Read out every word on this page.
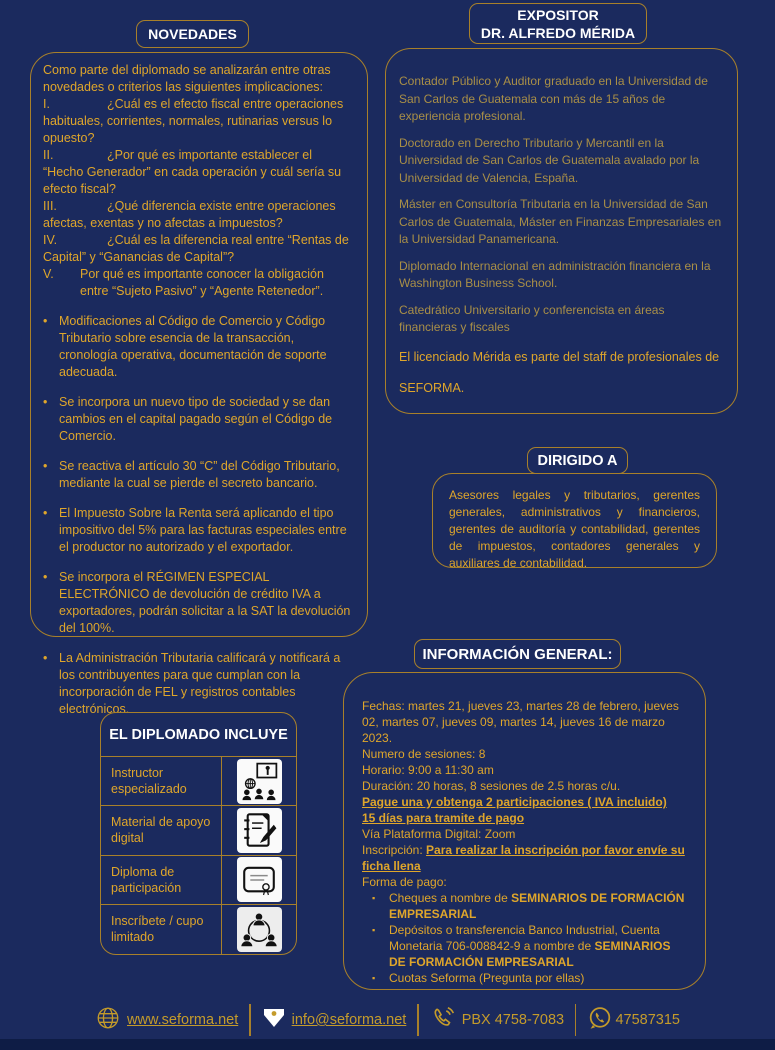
NOVEDADES
Como parte del diplomado se analizarán entre otras novedades o criterios las siguientes implicaciones:
I.	¿Cuál es el efecto fiscal entre operaciones habituales, corrientes, normales, rutinarias versus lo opuesto?
II.	¿Por qué es importante establecer el “Hecho Generador” en cada operación y cuál sería su efecto fiscal?
III.	¿Qué diferencia existe entre operaciones afectas, exentas y no afectas a impuestos?
IV.	¿Cuál es la diferencia real entre “Rentas de Capital” y “Ganancias de Capital”?
V. Por qué es importante conocer la obligación entre “Sujeto Pasivo” y “Agente Retenedor”.
• Modificaciones al Código de Comercio y Código Tributario sobre esencia de la transacción, cronología operativa, documentación de soporte adecuada.
• Se incorpora un nuevo tipo de sociedad y se dan cambios en el capital pagado según el Código de Comercio.
• Se reactiva el artículo 30 “C” del Código Tributario, mediante la cual se pierde el secreto bancario.
• El Impuesto Sobre la Renta será aplicando el tipo impositivo del 5% para las facturas especiales entre el productor no autorizado y el exportador.
• Se incorpora el RÉGIMEN ESPECIAL ELECTRÓNICO de devolución de crédito IVA a exportadores, podrán solicitar a la SAT la devolución del 100%.
• La Administración Tributaria calificará y notificará a los contribuyentes para que cumplan con la incorporación de FEL y registros contables electrónicos.
EXPOSITOR
DR. ALFREDO MÉRIDA

Contador Público y Auditor graduado en la Universidad de San Carlos de Guatemala con más de 15 años de experiencia profesional.

Doctorado en Derecho Tributario y Mercantil en la Universidad de San Carlos de Guatemala avalado por la Universidad de Valencia, España.

Máster en Consultoría Tributaria en la Universidad de San Carlos de Guatemala, Máster en Finanzas Empresariales en la Universidad Panamericana.

Diplomado Internacional en administración financiera en la Washington Business School.

Catedrático Universitario y conferencista en áreas financieras y fiscales

El licenciado Mérida es parte del staff de profesionales de
SEFORMA.
DIRIGIDO A
Asesores legales y tributarios, gerentes generales, administrativos y financieros, gerentes de auditoría y contabilidad, gerentes de impuestos, contadores generales y auxiliares de contabilidad.
INFORMACIÓN GENERAL:
Fechas: martes 21, jueves 23, martes 28 de febrero, jueves 02, martes 07, jueves 09, martes 14, jueves 16 de marzo 2023.
Numero de sesiones: 8
Horario: 9:00 a 11:30 am
Duración: 20 horas, 8 sesiones de 2.5 horas c/u.
Pague una y obtenga 2 participaciones ( IVA incluido)
15 días para tramite de pago
Vía Plataforma Digital: Zoom
Inscripción: Para realizar la inscripción por favor envíe su ficha llena
Forma de pago:
▪	Cheques a nombre de SEMINARIOS DE FORMACIÓN EMPRESARIAL
▪	Depósitos o transferencia Banco Industrial, Cuenta Monetaria 706-008842-9 a nombre de SEMINARIOS DE FORMACIÓN EMPRESARIAL
▪	Cuotas Seforma (Pregunta por ellas)
EL DIPLOMADO INCLUYE
Instructor especializado
Material de apoyo digital
Diploma de participación
Inscríbete / cupo limitado
www.seforma.net	info@seforma.net	PBX 4758-7083	47587315
